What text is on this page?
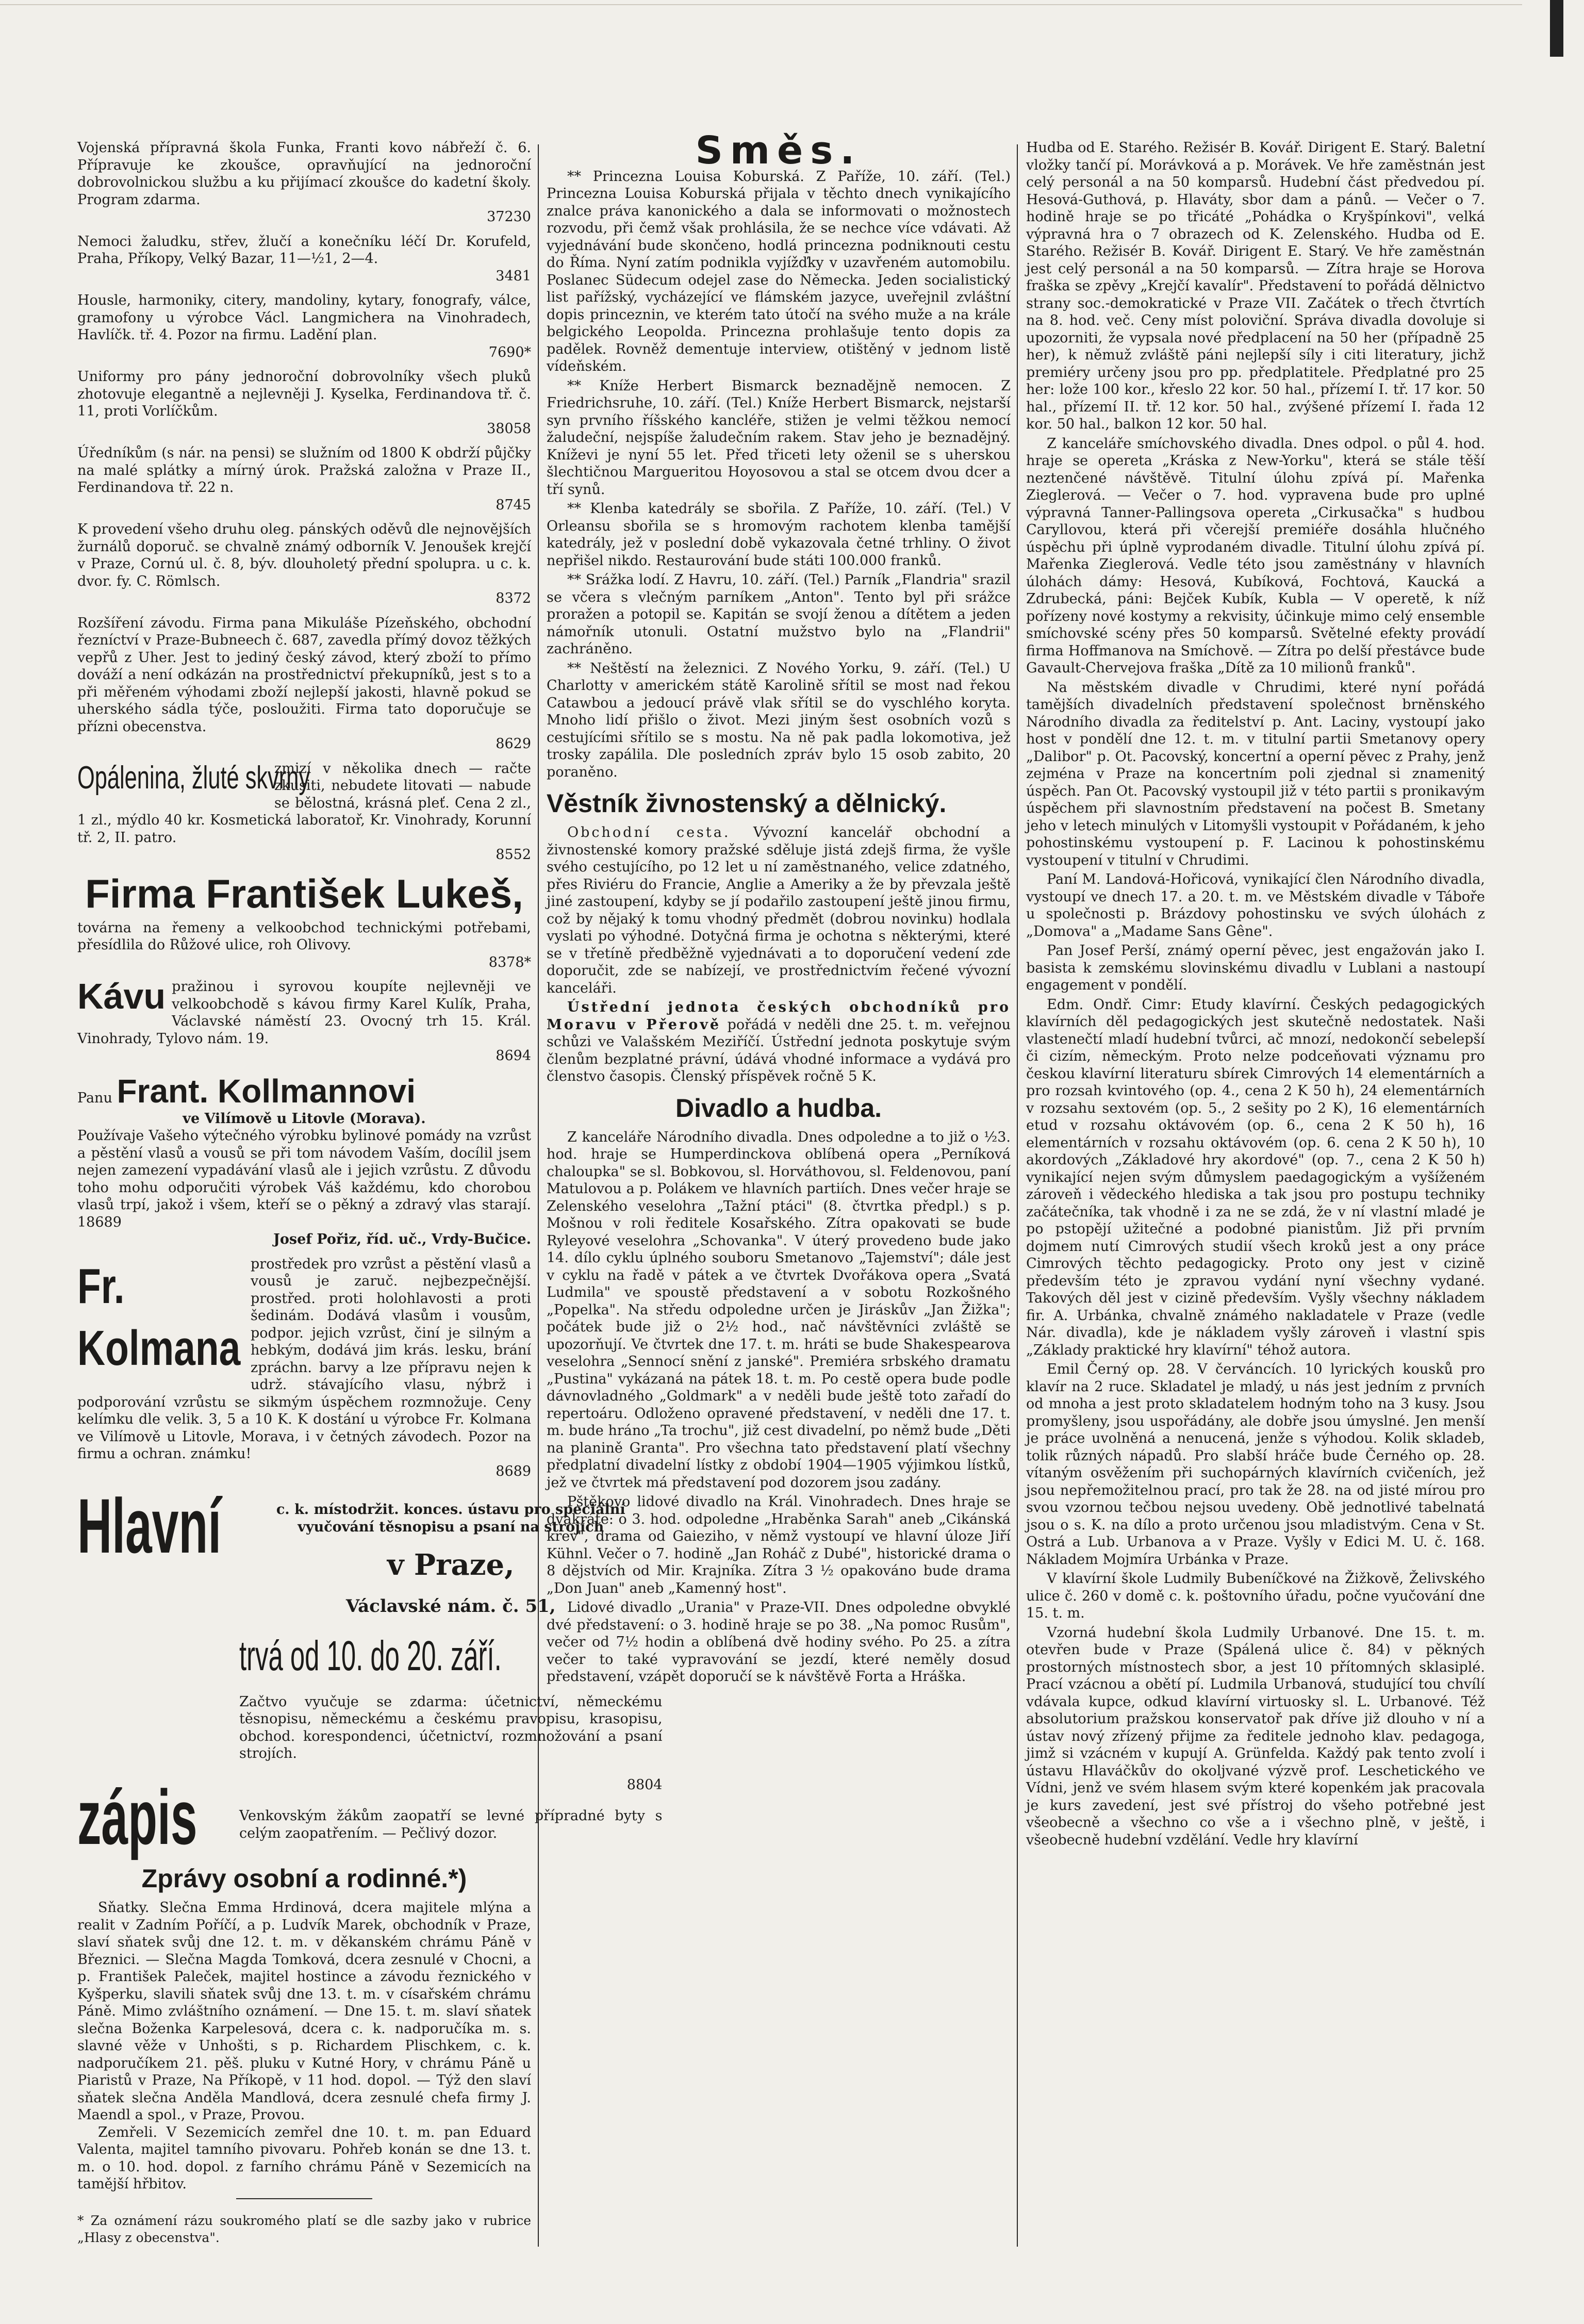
Vojenská přípravná škola Funka, Franti kovo nábřeží č. 6. Přípravuje ke zkoušce, opravňující na jednoroční dobrovolnickou službu a ku přijímací zkoušce do kadetní školy. Program zdarma.

37230

Nemoci žaludku, střev, žlučí a konečníku léčí Dr. Korufeld, Praha, Příkopy, Velký Bazar, 11—½1, 2—4.

3481

Housle, harmoniky, citery, mandoliny, kytary, fonografy, válce, gramofony u výrobce Václ. Langmichera na Vinohradech, Havlíčk. tř. 4. Pozor na firmu. Ladění plan.

7690*

Uniformy pro pány jednoroční dobrovolníky všech pluků zhotovuje elegantně a nejlevněji J. Kyselka, Ferdinandova tř. č. 11, proti Vorlíčkům.

38058

Úředníkům (s nár. na pensi) se služním od 1800 K obdrží půjčky na malé splátky a mírný úrok. Pražská založna v Praze II., Ferdinandova tř. 22 n.

8745

K provedení všeho druhu oleg. pánských oděvů dle nejnovějších žurnálů doporuč. se chvalně známý odborník V. Jenoušek krejčí v Praze, Cornú ul. č. 8, býv. dlouholetý přední spolupra. u c. k. dvor. fy. C. Römlsch.

8372

Rozšíření závodu. Firma pana Mikuláše Pízeňského, obchodní řezníctví v Praze-Bubneech č. 687, zavedla přímý dovoz těžkých vepřů z Uher. Jest to jediný český závod, který zboží to přímo dováží a není odkázán na prostřednictví překupníků, jest s to a při měřeném výhodami zboží nejlepší jakosti, hlavně pokud se uherského sádla týče, posloužiti. Firma tato doporučuje se přízni obecenstva.

8629

Opálenina, žluté skvrny
zmizí v několika dnech — račte zkusiti, nebudete litovati — nabude se bělostná, krásná pleť. Cena 2 zl., 1 zl., mýdlo 40 kr. Kosmetická laboratoř, Kr. Vinohrady, Korunní tř. 2, II. patro.

8552

Firma František Lukeš,

továrna na řemeny a velkoobchod technickými potřebami, přesídlila do Růžové ulice, roh Olivovy.

8378*

Kávu pražinou i syrovou koupíte nejlevněji ve velkoobchodě s kávou firmy Karel Kulík, Praha, Václavské náměstí 23. Ovocný trh 15. Král. Vinohrady, Tylovo nám. 19.

8694

Panu Frant. Kollmannovi

ve Vilímově u Litovle (Morava).

Používaje Vašeho výtečného výrobku bylinové pomády na vzrůst a pěstění vlasů a vousů se při tom návodem Vaším, docílil jsem nejen zamezení vypadávání vlasů ale i jejich vzrůstu. Z důvodu toho mohu odporučiti výrobek Váš každému, kdo chorobou vlasů trpí, jakož i všem, kteří se o pěkný a zdravý vlas starají. 18689

Josef Pořiz, říd. uč., Vrdy-Bučice.

Fr. Kolmana
prostředek pro vzrůst a pěstění vlasů a vousů je zaruč. nejbezpečnější. prostřed. proti holohlavosti a proti šedinám. Dodává vlasům i vousům, podpor. jejich vzrůst, činí je silným a hebkým, dodává jim krás. lesku, brání zpráchn. barvy a lze přípravu nejen k udrž. stávajícího vlasu, nýbrž i podporování vzrůstu se sikmým úspěchem rozmnožuje. Ceny kelímku dle velik. 3, 5 a 10 K. K dostání u výrobce Fr. Kolmana ve Vilímově u Litovle, Morava, i v četných závodech. Pozor na firmu a ochran. známku!

8689

Hlavní
zápis

c. k. místodržit. konces. ústavu pro speciální vyučování těsnopisu a psaní na strojích

v Praze,

Václavské nám. č. 51,

trvá od 10. do 20. září.

Začtvo vyučuje se zdarma: účetnictví, německému těsnopisu, německému a českému pravopisu, krasopisu, obchod. korespondenci, účetnictví, rozmnožování a psaní strojích.

8804

Venkovským žákům zaopatří se levné přípradné byty s celým zaopatřením. — Pečlivý dozor.

Zprávy osobní a rodinné.*)

Sňatky. Slečna Emma Hrdinová, dcera majitele mlýna a realit v Zadním Poříčí, a p. Ludvík Marek, obchodník v Praze, slaví sňatek svůj dne 12. t. m. v děkanském chrámu Páně v Březnici. — Slečna Magda Tomková, dcera zesnulé v Chocni, a p. František Paleček, majitel hostince a závodu řeznického v Kyšperku, slavili sňatek svůj dne 13. t. m. v císařském chrámu Páně. Mimo zvláštního oznámení. — Dne 15. t. m. slaví sňatek slečna Boženka Karpelesová, dcera c. k. nadporučíka m. s. slavné věže v Unhošti, s p. Richardem Plischkem, c. k. nadporučíkem 21. pěš. pluku v Kutné Hory, v chrámu Páně u Piaristů v Praze, Na Příkopě, v 11 hod. dopol. — Týž den slaví sňatek slečna Anděla Mandlová, dcera zesnulé chefa firmy J. Maendl a spol., v Praze, Provou.

Zemřeli. V Sezemicích zemřel dne 10. t. m. pan Eduard Valenta, majitel tamního pivovaru. Pohřeb konán se dne 13. t. m. o 10. hod. dopol. z farního chrámu Páně v Sezemicích na tamější hřbitov.

* Za oznámení rázu soukromého platí se dle sazby jako v rubrice „Hlasy z obecenstva".

Směs.

** Princezna Louisa Koburská. Z Paříže, 10. září. (Tel.) Princezna Louisa Koburská přijala v těchto dnech vynikajícího znalce práva kanonického a dala se informovati o možnostech rozvodu, při čemž však prohlásila, že se nechce více vdávati. Až vyjednávání bude skončeno, hodlá princezna podniknouti cestu do Říma. Nyní zatím podnikla vyjížďky v uzavřeném automobilu. Poslanec Südecum odejel zase do Německa. Jeden socialistický list pařížský, vycházející ve flámském jazyce, uveřejnil zvláštní dopis princeznin, ve kterém tato útočí na svého muže a na krále belgického Leopolda. Princezna prohlašuje tento dopis za padělek. Rovněž dementuje interview, otištěný v jednom listě vídeňském.

** Kníže Herbert Bismarck beznadějně nemocen. Z Friedrichsruhe, 10. září. (Tel.) Kníže Herbert Bismarck, nejstarší syn prvního říšského kancléře, stižen je velmi těžkou nemocí žaludeční, nejspíše žaludečním rakem. Stav jeho je beznadějný. Kníževi je nyní 55 let. Před třiceti lety oženil se s uherskou šlechtičnou Margueritou Hoyosovou a stal se otcem dvou dcer a tří synů.

** Klenba katedrály se sbořila. Z Paříže, 10. září. (Tel.) V Orleansu sbořila se s hromovým rachotem klenba tamější katedrály, jež v poslední době vykazovala četné trhliny. O život nepřišel nikdo. Restaurování bude státi 100.000 franků.

** Srážka lodí. Z Havru, 10. září. (Tel.) Parník „Flandria" srazil se včera s vlečným parníkem „Anton". Tento byl při srážce proražen a potopil se. Kapitán se svojí ženou a dítětem a jeden námořník utonuli. Ostatní mužstvo bylo na „Flandrii" zachráněno.

** Neštěstí na železnici. Z Nového Yorku, 9. září. (Tel.) U Charlotty v americkém státě Karolině sřítil se most nad řekou Catawbou a jedoucí právě vlak sřítil se do vyschlého koryta. Mnoho lidí přišlo o život. Mezi jiným šest osobních vozů s cestujícími sřítilo se s mostu. Na ně pak padla lokomotiva, jež trosky zapálila. Dle posledních zpráv bylo 15 osob zabito, 20 poraněno.

Věstník živnostenský a dělnický.

Obchodní cesta. Vývozní kancelář obchodní a živnostenské komory pražské sděluje jistá zdejš firma, že vyšle svého cestujícího, po 12 let u ní zaměstnaného, velice zdatného, přes Riviéru do Francie, Anglie a Ameriky a že by převzala ještě jiné zastoupení, kdyby se jí podařilo zastoupení ještě jinou firmu, což by nějaký k tomu vhodný předmět (dobrou novinku) hodlala vyslati po výhodné. Dotyčná firma je ochotna s některými, které se v třetíně předběžně vyjednávati a to doporučení vedení zde doporučit, zde se nabízejí, ve prostřednictvím řečené vývozní kanceláři.

Ústřední jednota českých obchodníků pro Moravu v Přerově pořádá v neděli dne 25. t. m. veřejnou schůzi ve Valašském Meziříčí. Ústřední jednota poskytuje svým členům bezplatné právní, údává vhodné informace a vydává pro členstvo časopis. Členský příspěvek ročně 5 K.

Divadlo a hudba.

Z kanceláře Národního divadla. Dnes odpoledne a to již o ½3. hod. hraje se Humperdinckova oblíbená opera „Perníková chaloupka" se sl. Bobkovou, sl. Horváthovou, sl. Feldenovou, paní Matulovou a p. Polákem ve hlavních partiích. Dnes večer hraje se Zelenského veselohra „Tažní ptáci" (8. čtvrtka předpl.) s p. Mošnou v roli ředitele Kosařského. Zítra opakovati se bude Ryleyové veselohra „Schovanka". V úterý provedeno bude jako 14. dílo cyklu úplného souboru Smetanovo „Tajemství"; dále jest v cyklu na řadě v pátek a ve čtvrtek Dvořákova opera „Svatá Ludmila" ve spoustě představení a v sobotu Rozkošného „Popelka". Na středu odpoledne určen je Jiráskův „Jan Žižka"; počátek bude již o 2½ hod., nač návštěvníci zvláště se upozorňují. Ve čtvrtek dne 17. t. m. hráti se bude Shakespearova veselohra „Sennocí snění z janské". Premiéra srbského dramatu „Pustina" vykázaná na pátek 18. t. m. Po cestě opera bude podle dávnovladného „Goldmark" a v neděli bude ještě toto zařadí do repertoáru. Odloženo opravené představení, v neděli dne 17. t. m. bude hráno „Ta trochu", již cest divadelní, po němž bude „Děti na planině Granta". Pro všechna tato představení platí všechny předplatní divadelní lístky z období 1904—1905 výjimkou lístků, jež ve čtvrtek má představení pod dozorem jsou zadány.

Pštěkovo lidové divadlo na Král. Vinohradech. Dnes hraje se dvakráte: o 3. hod. odpoledne „Hraběnka Sarah" aneb „Cikánská krev", drama od Gaieziho, v němž vystoupí ve hlavní úloze Jiří Kühnl. Večer o 7. hodině „Jan Roháč z Dubé", historické drama o 8 dějstvích od Mir. Krajníka. Zítra 3 ½ opakováno bude drama „Don Juan" aneb „Kamenný host".

Lidové divadlo „Urania" v Praze-VII. Dnes odpoledne obvyklé dvé představení: o 3. hodině hraje se po 38. „Na pomoc Rusům", večer od 7½ hodin a oblíbená dvě hodiny svého. Po 25. a zítra večer to také vypravování se jezdí, které neměly dosud představení, vzápět doporučí se k návštěvě Forta a Hráška.

Hudba od E. Starého. Režisér B. Kovář. Dirigent E. Starý. Baletní vložky tančí pí. Morávková a p. Morávek. Ve hře zaměstnán jest celý personál a na 50 komparsů. Hudební část předvedou pí. Hesová-Guthová, p. Hlaváty, sbor dam a pánů. — Večer o 7. hodině hraje se po třicáté „Pohádka o Kryšpínkovi", velká výpravná hra o 7 obrazech od K. Zelenského. Hudba od E. Starého. Režisér B. Kovář. Dirigent E. Starý. Ve hře zaměstnán jest celý personál a na 50 komparsů. — Zítra hraje se Horova fraška se zpěvy „Krejčí kavalír". Představení to pořádá dělnictvo strany soc.-demokratické v Praze VII. Začátek o třech čtvrtích na 8. hod. več. Ceny míst poloviční. Správa divadla dovoluje si upozorniti, že vypsala nové předplacení na 50 her (případně 25 her), k němuž zvláště páni nejlepší síly i citi literatury, jichž premiéry určeny jsou pro pp. předplatitele. Předplatné pro 25 her: lože 100 kor., křeslo 22 kor. 50 hal., přízemí I. tř. 17 kor. 50 hal., přízemí II. tř. 12 kor. 50 hal., zvýšené přízemí I. řada 12 kor. 50 hal., balkon 12 kor. 50 hal.

Z kanceláře smíchovského divadla. Dnes odpol. o půl 4. hod. hraje se opereta „Kráska z New-Yorku", která se stále těší neztenčené návštěvě. Titulní úlohu zpívá pí. Mařenka Zieglerová. — Večer o 7. hod. vypravena bude pro uplné výpravná Tanner-Pallingsova opereta „Cirkusačka" s hudbou Caryllovou, která při včerejší premiéře dosáhla hlučného úspěchu při úplně vyprodaném divadle. Titulní úlohu zpívá pí. Mařenka Zieglerová. Vedle této jsou zaměstnány v hlavních úlohách dámy: Hesová, Kubíková, Fochtová, Kaucká a Zdrubecká, páni: Bejček Kubík, Kubla — V operetě, k níž pořízeny nové kostymy a rekvisity, účinkuje mimo celý ensemble smíchovské scény přes 50 komparsů. Světelné efekty provádí firma Hoffmanova na Smíchově. — Zítra po delší přestávce bude Gavault-Chervejova fraška „Dítě za 10 milionů franků".

Na městském divadle v Chrudimi, které nyní pořádá tamějších divadelních představení společnost brněnského Národního divadla za ředitelství p. Ant. Laciny, vystoupí jako host v pondělí dne 12. t. m. v titulní partii Smetanovy opery „Dalibor" p. Ot. Pacovský, koncertní a operní pěvec z Prahy, jenž zejména v Praze na koncertním poli zjednal si znamenitý úspěch. Pan Ot. Pacovský vystoupil již v této partii s pronikavým úspěchem při slavnostním představení na počest B. Smetany jeho v letech minulých v Litomyšli vystoupit v Pořádaném, k jeho pohostinskému vystoupení p. F. Lacinou k pohostinskému vystoupení v titulní v Chrudimi.

Paní M. Landová-Hořicová, vynikající člen Národního divadla, vystoupí ve dnech 17. a 20. t. m. ve Městském divadle v Táboře u společnosti p. Brázdovy pohostinsku ve svých úlohách z „Domova" a „Madame Sans Gêne".

Pan Josef Perší, známý operní pěvec, jest engažován jako I. basista k zemskému slovinskému divadlu v Lublani a nastoupí engagement v pondělí.

Edm. Ondř. Cimr: Etudy klavírní. Českých pedagogických klavírních děl pedagogických jest skutečně nedostatek. Naši vlastenečtí mladí hudební tvůrci, ač mnozí, nedokončí sebelepší či cizím, německým. Proto nelze podceňovati významu pro českou klavírní literaturu sbírek Cimrových 14 elementárních a pro rozsah kvintového (op. 4., cena 2 K 50 h), 24 elementárních v rozsahu sextovém (op. 5., 2 sešity po 2 K), 16 elementárních etud v rozsahu oktávovém (op. 6., cena 2 K 50 h), 16 elementárních v rozsahu oktávovém (op. 6. cena 2 K 50 h), 10 akordových „Základové hry akordové" (op. 7., cena 2 K 50 h) vynikající nejen svým důmyslem paedagogickým a vyšíženém zároveň i vědeckého hlediska a tak jsou pro postupu techniky začátečníka, tak vhodně i za ne se zdá, že v ní vlastní mladé je po pstopějí užitečné a podobné pianistům. Již při prvním dojmem nutí Cimrových studií všech kroků jest a ony práce Cimrových těchto pedagogicky. Proto ony jest v cizině především této je zpravou vydání nyní všechny vydané. Takových děl jest v cizině především. Vyšly všechny nákladem fir. A. Urbánka, chvalně známého nakladatele v Praze (vedle Nár. divadla), kde je nákladem vyšly zároveň i vlastní spis „Základy praktické hry klavírní" téhož autora.

Emil Černý op. 28. V červáncích. 10 lyrických kousků pro klavír na 2 ruce. Skladatel je mladý, u nás jest jedním z prvních od mnoha a jest proto skladatelem hodným toho na 3 kusy. Jsou promyšleny, jsou uspořádány, ale dobře jsou úmyslné. Jen menší je práce uvolněná a nenucená, jenže s výhodou. Kolik skladeb, tolik různých nápadů. Pro slabší hráče bude Černého op. 28. vítaným osvěžením při suchopárných klavírních cvičeních, jež jsou nepřemožitelnou prací, pro tak že 28. na od jisté mírou pro svou vzornou tečbou nejsou uvedeny. Obě jednotlivé tabelnatá jsou o s. K. na dílo a proto určenou jsou mladistvým. Cena v St. Ostrá a Lub. Urbanova a v Praze. Vyšly v Edici M. U. č. 168. Nákladem Mojmíra Urbánka v Praze.

V klavírní škole Ludmily Bubeníčkové na Žižkově, Želivského ulice č. 260 v domě c. k. poštovního úřadu, počne vyučování dne 15. t. m.

Vzorná hudební škola Ludmily Urbanové. Dne 15. t. m. otevřen bude v Praze (Spálená ulice č. 84) v pěkných prostorných místnostech sbor, a jest 10 přítomných sklasiplé. Prací vzácnou a obětí pí. Ludmila Urbanová, studující tou chvílí vdávala kupce, odkud klavírní virtuosky sl. L. Urbanové. Též absolutorium pražskou konservatoř pak dříve již dlouho v ní a ústav nový zřízený přijme za ředitele jednoho klav. pedagoga, jimž si vzácném v kupují A. Grünfelda. Každý pak tento zvolí i ústavu Hlaváčkův do okoljvané výzvě prof. Leschetického ve Vídni, jenž ve svém hlasem svým které kopenkém jak pracovala je kurs zavedení, jest své přístroj do všeho potřebné jest všeobecně a všechno co vše a i všechno plně, v ještě, i všeobecně hudební vzdělání. Vedle hry klavírní
